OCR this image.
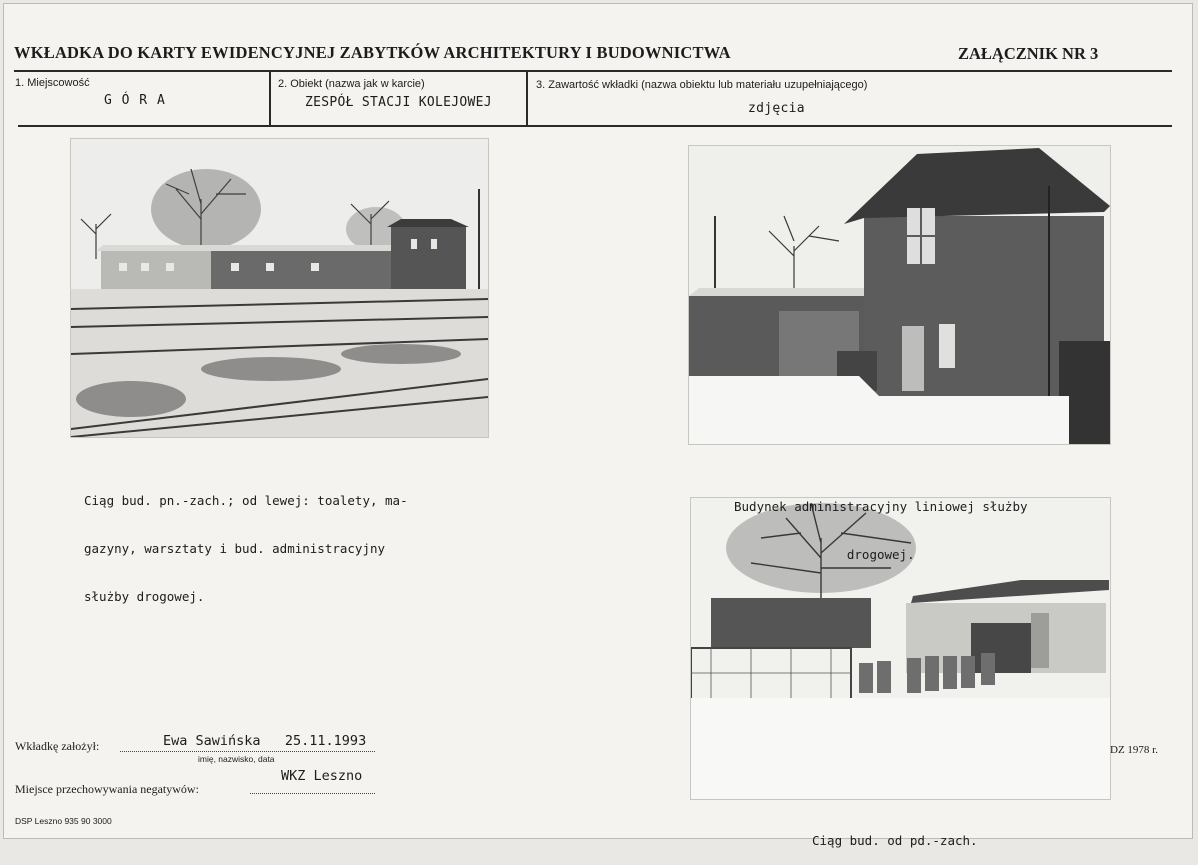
WKŁADKA DO KARTY EWIDENCYJNEJ ZABYTKÓW ARCHITEKTURY I BUDOWNICTWA	ZAŁĄCZNIK NR 3
1. Miejscowość
G Ó R A
2. Obiekt (nazwa jak w karcie)
ZESPÓŁ STACJI KOLEJOWEJ
3. Zawartość wkładki (nazwa obiektu lub materiału uzupełniającego)
zdjęcia

Ciąg bud. pn.-zach.; od lewej: toalety, ma-

gazyny, warsztaty i bud. administracyjny

służby drogowej.

Budynek administracyjny liniowej służby

drogowej.

Ciąg bud. od pd.-zach.

Wkładkę założył:	Ewa Sawińska   25.11.1993
imię, nazwisko, data
Miejsce przechowywania negatywów:
WKZ Leszno
DSP Leszno 935 90 3000
DZ 1978 r.
